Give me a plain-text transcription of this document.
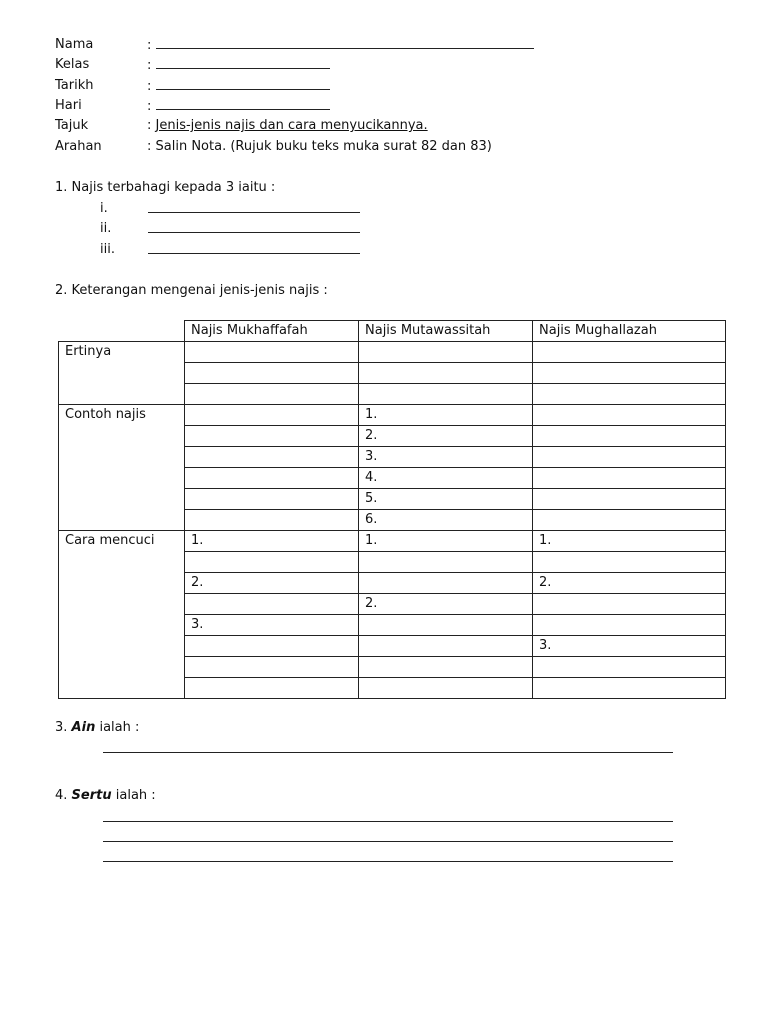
Nama	:
Kelas	:
Tarikh	:
Hari	:
Tajuk	: Jenis-jenis najis dan cara menyucikannya.
Arahan	: Salin Nota. (Rujuk buku teks muka surat 82 dan 83)
1. Najis terbahagi kepada 3 iaitu :
i.
ii.
iii.
2. Keterangan mengenai jenis-jenis najis :
	Najis Mukhaffafah	Najis Mutawassitah	Najis Mughallazah
Ertinya			

Contoh najis		1.	
		2.	
		3.	
		4.	
		5.	
		6.	
Cara mencuci	1.	1.	1.

	2.		2.
		2.	
	3.		
			3.

3. Ain ialah :
4. Sertu ialah :
